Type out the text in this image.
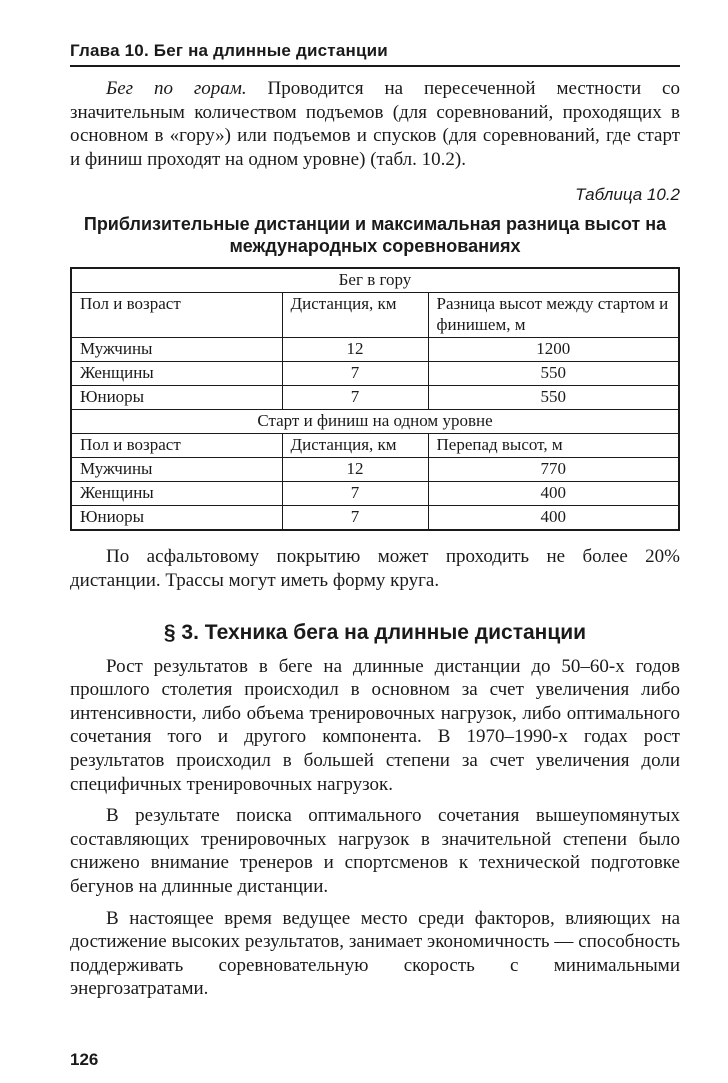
Глава 10. Бег на длинные дистанции

Бег по горам. Проводится на пересеченной местности со значительным количеством подъемов (для соревнований, проходящих в основном в «гору») или подъемов и спусков (для соревнований, где старт и финиш проходят на одном уровне) (табл. 10.2).

Таблица 10.2
Приблизительные дистанции и максимальная разница высот на международных соревнованиях
Бег в гору		
Пол и возраст	Дистанция, км	Разница высот между стартом и финишем, м
Мужчины	12	1200
Женщины	7	550
Юниоры	7	550
Старт и финиш на одном уровне		
Пол и возраст	Дистанция, км	Перепад высот, м
Мужчины	12	770
Женщины	7	400
Юниоры	7	400

По асфальтовому покрытию может проходить не более 20% дистанции. Трассы могут иметь форму круга.

§ 3. Техника бега на длинные дистанции

Рост результатов в беге на длинные дистанции до 50–60-х годов прошлого столетия происходил в основном за счет увеличения либо интенсивности, либо объема тренировочных нагрузок, либо оптимального сочетания того и другого компонента. В 1970–1990-х годах рост результатов происходил в большей степени за счет увеличения доли специфичных тренировочных нагрузок.

В результате поиска оптимального сочетания вышеупомянутых составляющих тренировочных нагрузок в значительной степени было снижено внимание тренеров и спортсменов к технической подготовке бегунов на длинные дистанции.

В настоящее время ведущее место среди факторов, влияющих на достижение высоких результатов, занимает экономичность — способность поддерживать соревновательную скорость с минимальными энергозатратами.

126
